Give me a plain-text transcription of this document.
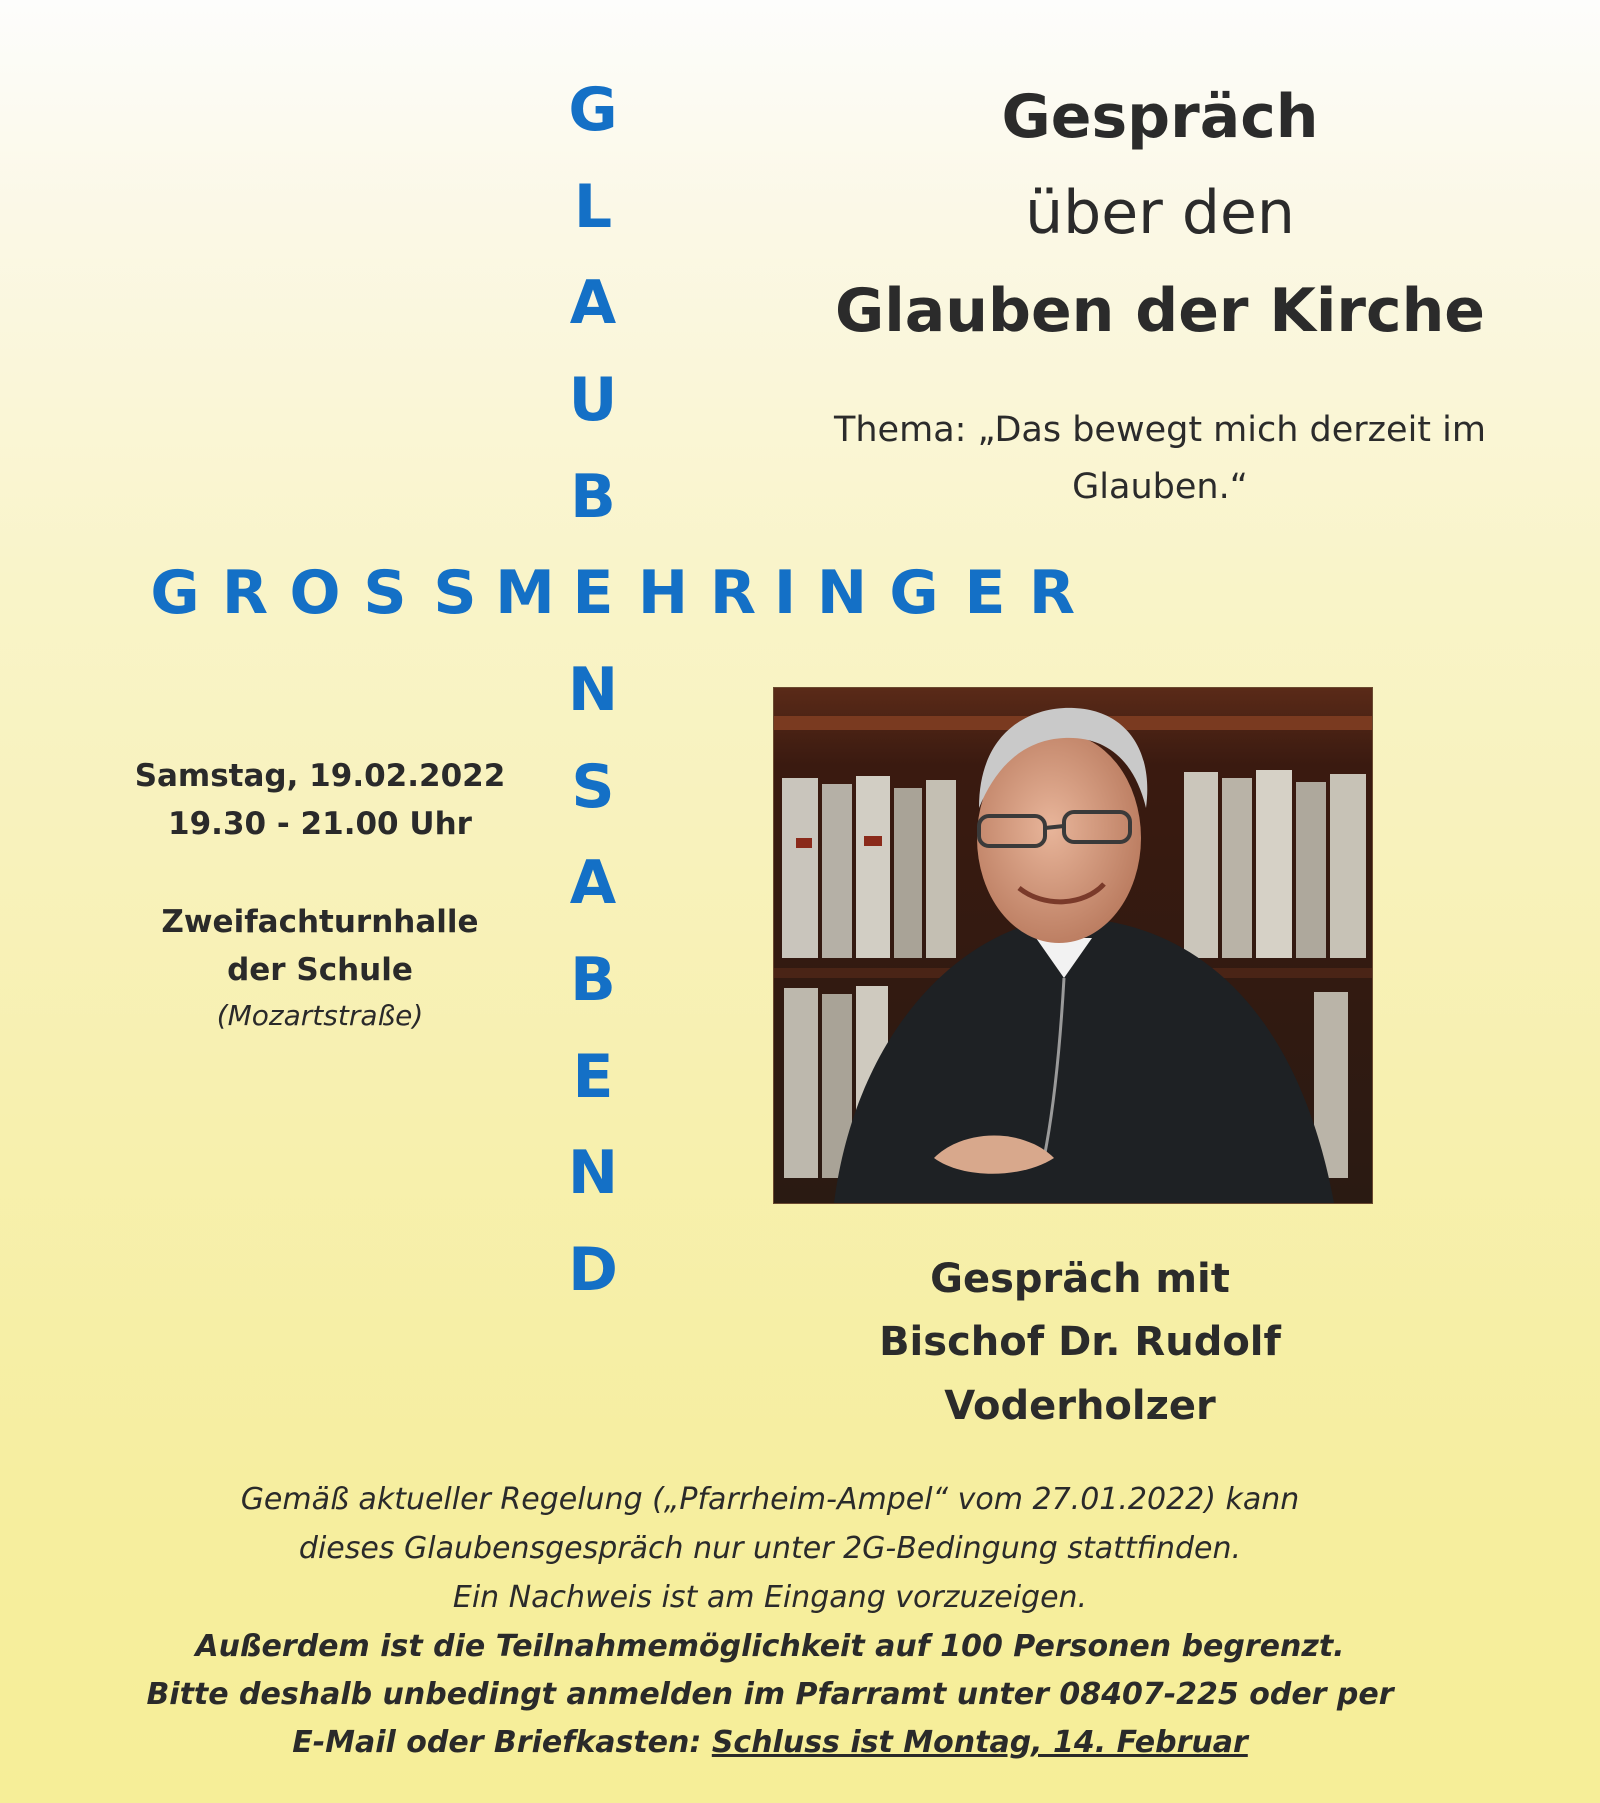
G
L
A
U
B
E
N
S
A
B
E
N
D
G R O S S M	H R I N G E R
Gespräch
über den
Glauben der Kirche
Thema: „Das bewegt mich derzeit im
Glauben.“
Samstag, 19.02.2022
19.30 - 21.00 Uhr
Zweifachturnhalle
der Schule
(Mozartstraße)
Gespräch mit
Bischof Dr. Rudolf
Voderholzer
Gemäß aktueller Regelung („Pfarrheim-Ampel“ vom 27.01.2022) kann
dieses Glaubensgespräch nur unter 2G-Bedingung stattfinden.
Ein Nachweis ist am Eingang vorzuzeigen.
Außerdem ist die Teilnahmemöglichkeit auf 100 Personen begrenzt.
Bitte deshalb unbedingt anmelden im Pfarramt unter 08407-225 oder per
E-Mail oder Briefkasten: Schluss ist Montag, 14. Februar
